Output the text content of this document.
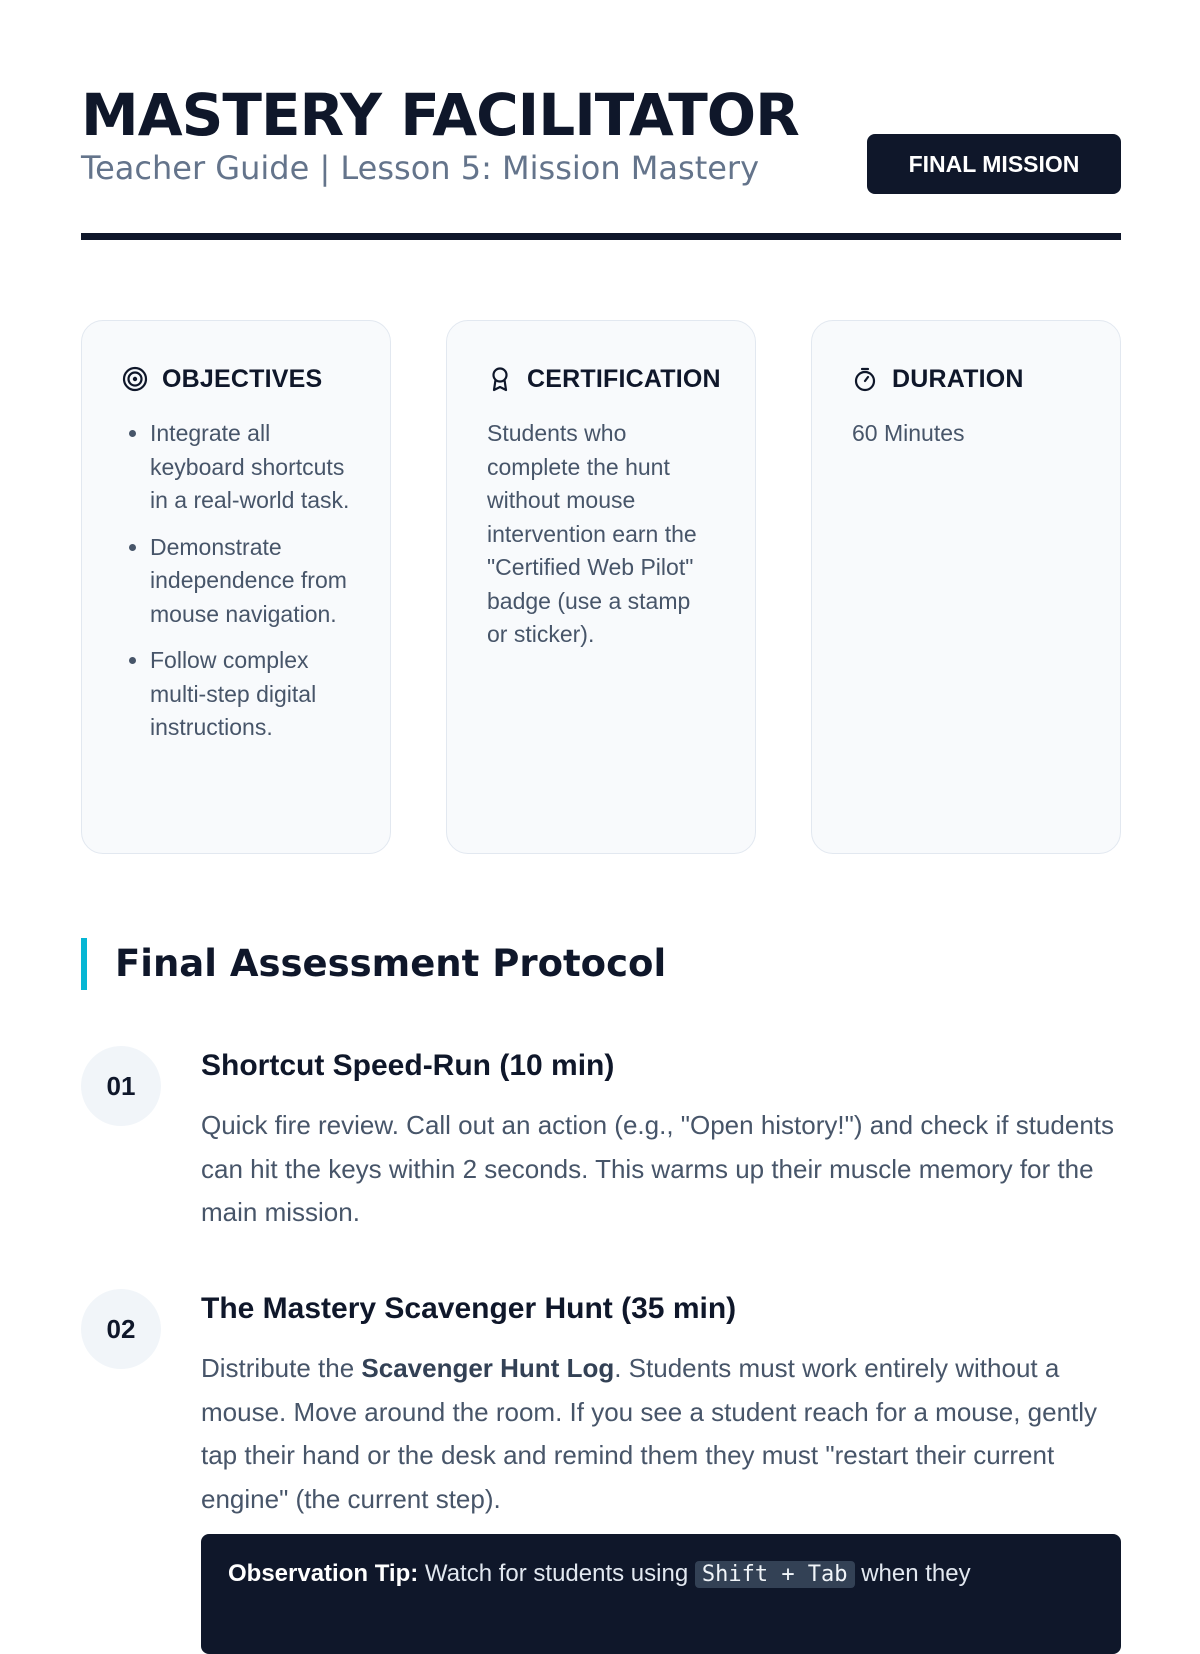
MASTERY FACILITATOR
Teacher Guide | Lesson 5: Mission Mastery	FINAL MISSION
OBJECTIVES
• Integrate all keyboard shortcuts in a real-world task.
• Demonstrate independence from mouse navigation.
• Follow complex multi-step digital instructions.
CERTIFICATION
Students who complete the hunt without mouse intervention earn the "Certified Web Pilot" badge (use a stamp or sticker).
DURATION
60 Minutes
Final Assessment Protocol
01
Shortcut Speed-Run (10 min)

Quick fire review. Call out an action (e.g., "Open history!") and check if students can hit the keys within 2 seconds. This warms up their muscle memory for the main mission.

02
The Mastery Scavenger Hunt (35 min)

Distribute the Scavenger Hunt Log. Students must work entirely without a mouse. Move around the room. If you see a student reach for a mouse, gently tap their hand or the desk and remind them they must "restart their current engine" (the current step).

Observation Tip: Watch for students using Shift + Tab when they
